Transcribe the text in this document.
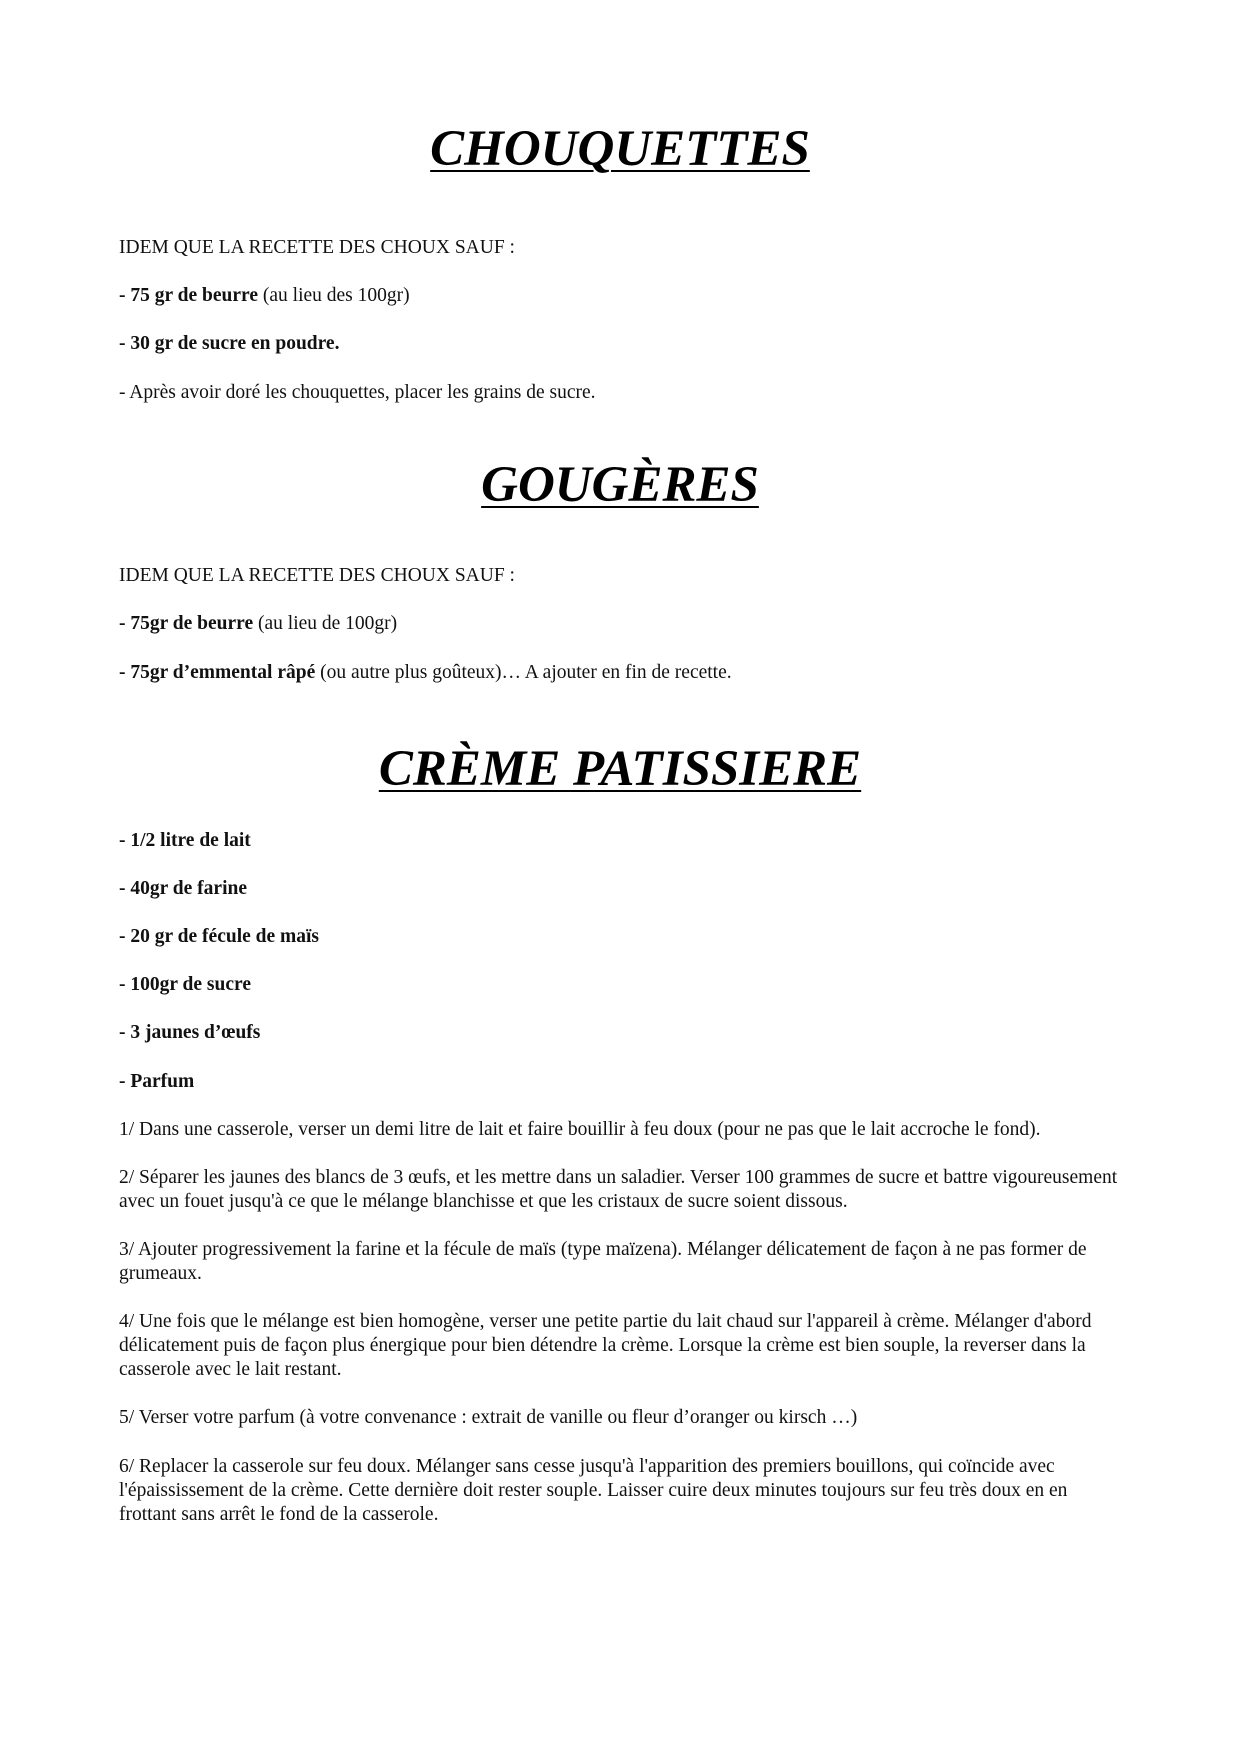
CHOUQUETTES

IDEM QUE LA RECETTE DES CHOUX SAUF :

- 75 gr de beurre (au lieu des 100gr)

- 30 gr de sucre en poudre.

- Après avoir doré les chouquettes, placer les grains de sucre.

GOUGÈRES

IDEM QUE LA RECETTE DES CHOUX SAUF :

- 75gr de beurre (au lieu de 100gr)

- 75gr d’emmental râpé (ou autre plus goûteux)… A ajouter en fin de recette.

CRÈME PATISSIERE

- 1/2 litre de lait

- 40gr de farine

- 20 gr de fécule de maïs

- 100gr de sucre

- 3 jaunes d’œufs

- Parfum

1/ Dans une casserole, verser un demi litre de lait et faire bouillir à feu doux (pour ne pas que le lait accroche le fond).

2/ Séparer les jaunes des blancs de 3 œufs, et les mettre dans un saladier. Verser 100 grammes de sucre et battre vigoureusement avec un fouet jusqu'à ce que le mélange blanchisse et que les cristaux de sucre soient dissous.

3/ Ajouter progressivement la farine et la fécule de maïs (type maïzena). Mélanger délicatement de façon à ne pas former de grumeaux.

4/ Une fois que le mélange est bien homogène, verser une petite partie du lait chaud sur l'appareil à crème. Mélanger d'abord délicatement puis de façon plus énergique pour bien détendre la crème. Lorsque la crème est bien souple, la reverser dans la casserole avec le lait restant.

5/ Verser votre parfum (à votre convenance : extrait de vanille ou fleur d’oranger ou kirsch …)

6/ Replacer la casserole sur feu doux. Mélanger sans cesse jusqu'à l'apparition des premiers bouillons, qui coïncide avec l'épaississement de la crème. Cette dernière doit rester souple. Laisser cuire deux minutes toujours sur feu très doux en en frottant sans arrêt le fond de la casserole.
